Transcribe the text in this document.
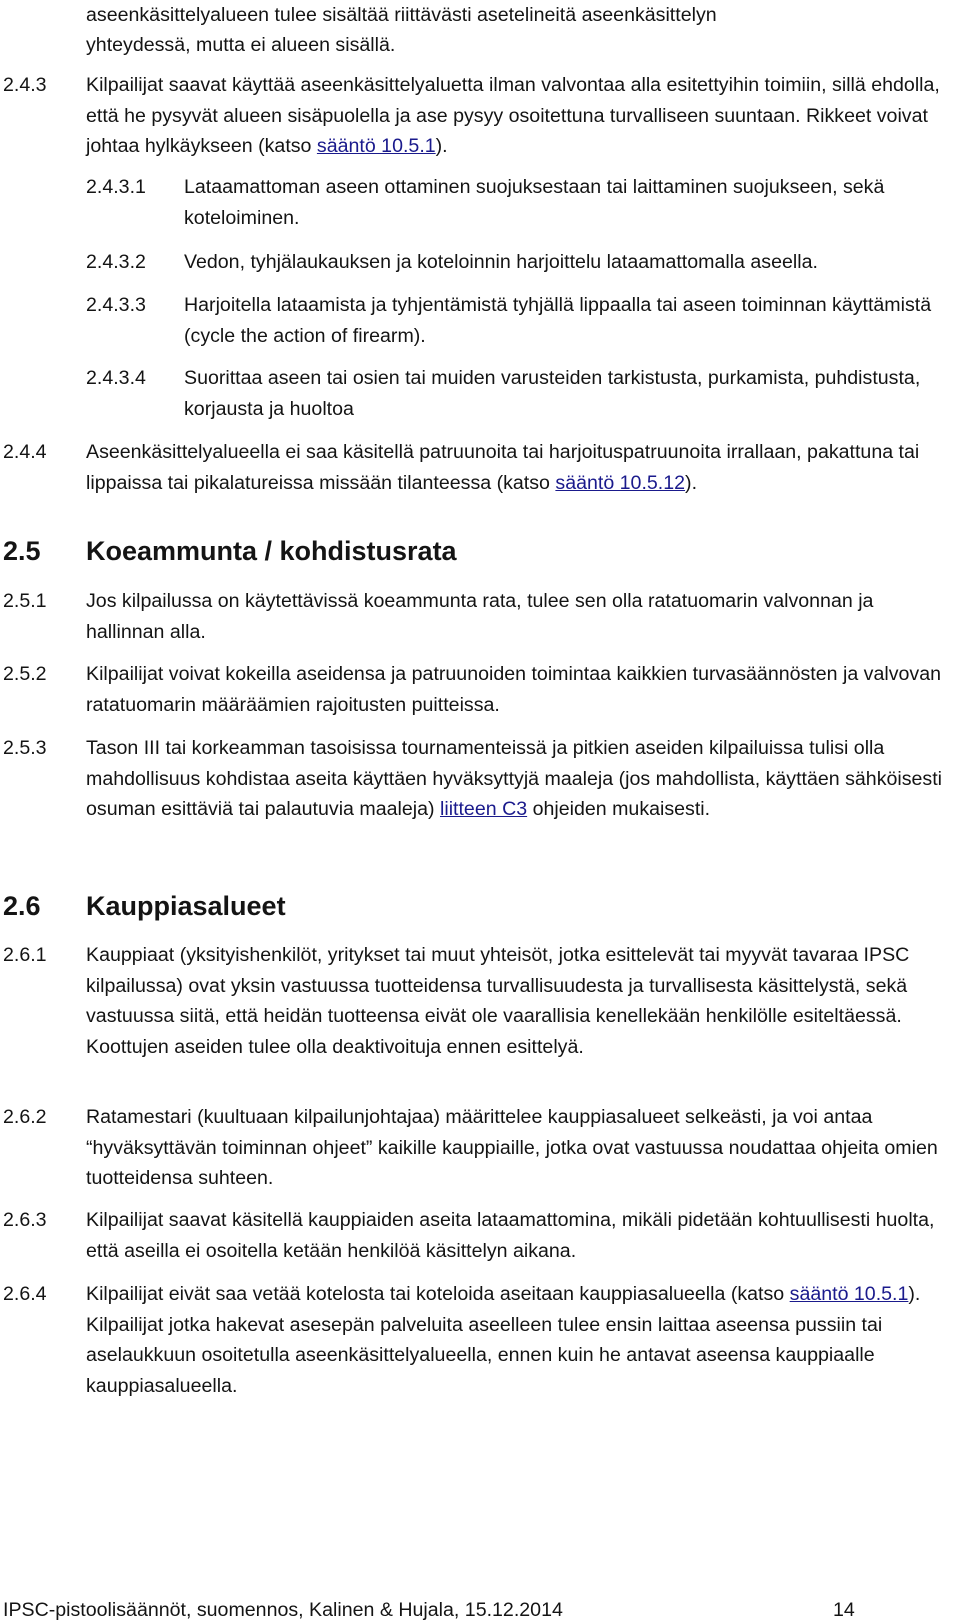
aseenkäsittelyalueen tulee sisältää riittävästi asetelineitä aseenkäsittelyn
yhteydessä, mutta ei alueen sisällä.
2.4.3 Kilpailijat saavat käyttää aseenkäsittelyaluetta ilman valvontaa alla esitettyihin toimiin, sillä ehdolla, että he pysyvät alueen sisäpuolella ja ase pysyy osoitettuna turvalliseen suuntaan. Rikkeet voivat johtaa hylkäykseen (katso sääntö 10.5.1).
2.4.3.1 Lataamattoman aseen ottaminen suojuksestaan tai laittaminen suojukseen, sekä koteloiminen.
2.4.3.2 Vedon, tyhjälaukauksen ja koteloinnin harjoittelu lataamattomalla aseella.
2.4.3.3 Harjoitella lataamista ja tyhjentämistä tyhjällä lippaalla tai aseen toiminnan käyttämistä (cycle the action of firearm).
2.4.3.4 Suorittaa aseen tai osien tai muiden varusteiden tarkistusta, purkamista, puhdistusta, korjausta ja huoltoa
2.4.4 Aseenkäsittelyalueella ei saa käsitellä patruunoita tai harjoituspatruunoita irrallaan, pakattuna tai lippaissa tai pikalatureissa missään tilanteessa (katso sääntö 10.5.12).
2.5 Koeammunta / kohdistusrata
2.5.1 Jos kilpailussa on käytettävissä koeammunta rata, tulee sen olla ratatuomarin valvonnan ja hallinnan alla.
2.5.2 Kilpailijat voivat kokeilla aseidensa ja patruunoiden toimintaa kaikkien turvasäännösten ja valvovan ratatuomarin määräämien rajoitusten puitteissa.
2.5.3 Tason III tai korkeamman tasoisissa tournamenteissä ja pitkien aseiden kilpailuissa tulisi olla mahdollisuus kohdistaa aseita käyttäen hyväksyttyjä maaleja (jos mahdollista, käyttäen sähköisesti osuman esittäviä tai palautuvia maaleja) liitteen C3 ohjeiden mukaisesti.
2.6 Kauppiasalueet
2.6.1 Kauppiaat (yksityishenkilöt, yritykset tai muut yhteisöt, jotka esittelevät tai myyvät tavaraa IPSC kilpailussa) ovat yksin vastuussa tuotteidensa turvallisuudesta ja turvallisesta käsittelystä, sekä vastuussa siitä, että heidän tuotteensa eivät ole vaarallisia kenellekään henkilölle esiteltäessä. Koottujen aseiden tulee olla deaktivoituja ennen esittelyä.
2.6.2 Ratamestari (kuultuaan kilpailunjohtajaa) määrittelee kauppiasalueet selkeästi, ja voi antaa “hyväksyttävän toiminnan ohjeet” kaikille kauppiaille, jotka ovat vastuussa noudattaa ohjeita omien tuotteidensa suhteen.
2.6.3 Kilpailijat saavat käsitellä kauppiaiden aseita lataamattomina, mikäli pidetään kohtuullisesti huolta, että aseilla ei osoitella ketään henkilöä käsittelyn aikana.
2.6.4 Kilpailijat eivät saa vetää kotelosta tai koteloida aseitaan kauppiasalueella (katso sääntö 10.5.1). Kilpailijat jotka hakevat asesepän palveluita aseelleen tulee ensin laittaa aseensa pussiin tai aselaukkuun osoitetulla aseenkäsittelyalueella, ennen kuin he antavat aseensa kauppiaalle kauppiasalueella.
IPSC-pistoolisäännöt, suomennos, Kalinen & Hujala, 15.12.2014	14
